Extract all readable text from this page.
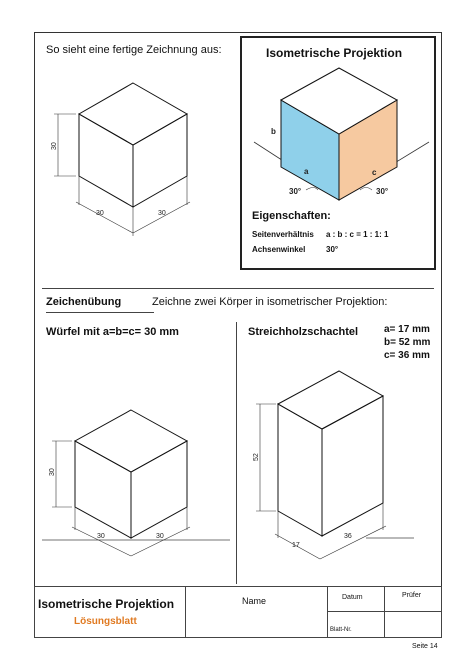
So sieht eine fertige Zeichnung aus:
30
30	30
Isometrische Projektion
b
a	c
30°	30°
Eigenschaften:
Seitenverhältnis a : b : c = 1 : 1: 1
Achsenwinkel	30°
Zeichenübung	Zeichne zwei Körper in isometrischer Projektion:
Würfel mit a=b=c= 30 mm	Streichholzschachtel	a= 17 mm
b= 52 mm
c= 36 mm
30
30	30
52
17
36
Isometrische Projektion
Lösungsblatt
Name	Datum	Prüfer
Blatt-Nr.
Seite 14
